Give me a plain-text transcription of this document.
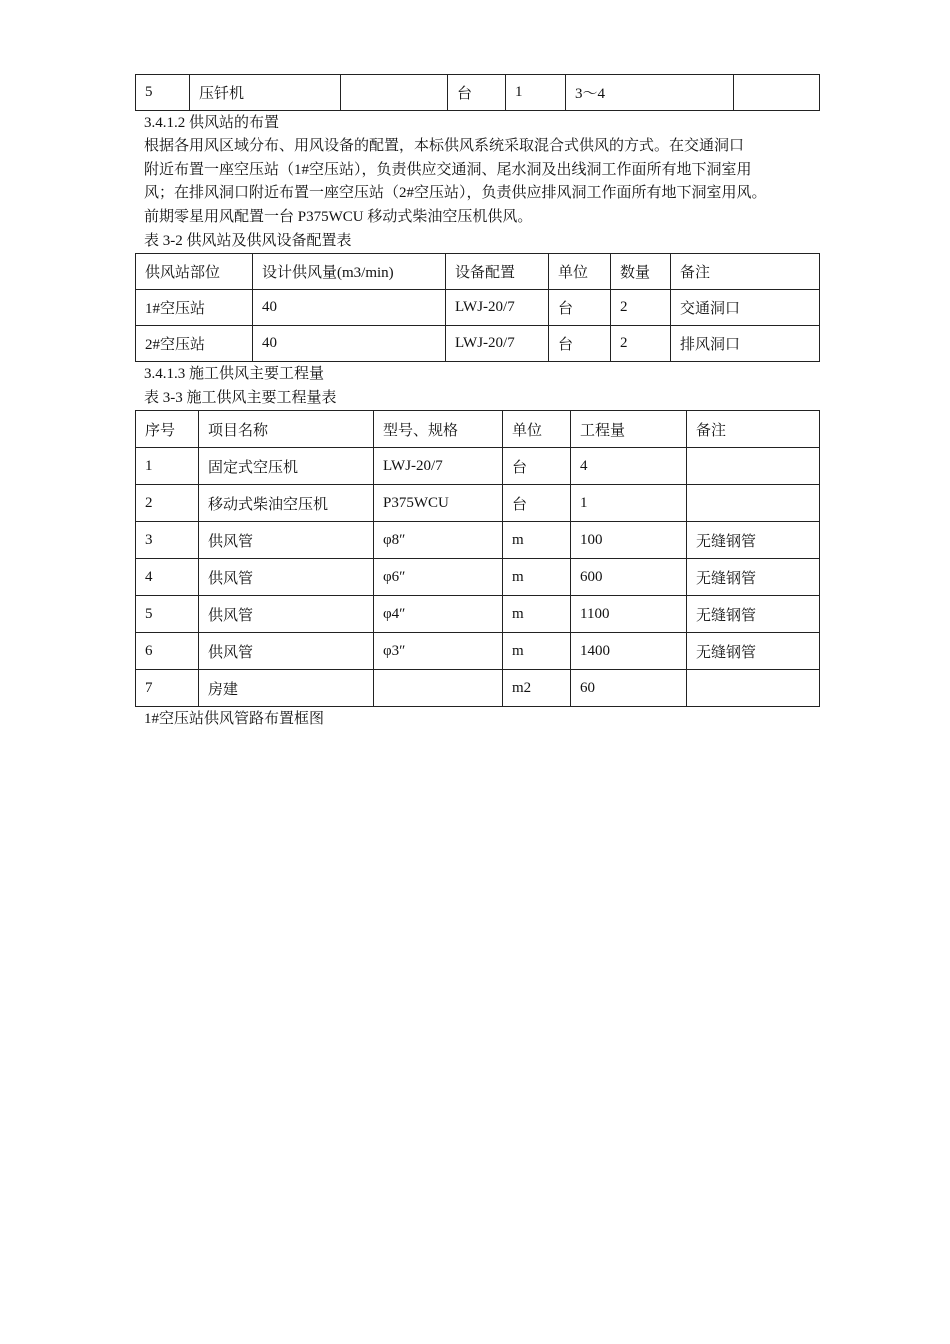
5	压钎机		台	1	3～4	
3.4.1.2 供风站的布置

根据各用风区域分布、用风设备的配置，本标供风系统采取混合式供风的方式。在交通洞口

附近布置一座空压站（1#空压站），负责供应交通洞、尾水洞及出线洞工作面所有地下洞室用

风；在排风洞口附近布置一座空压站（2#空压站），负责供应排风洞工作面所有地下洞室用风。

前期零星用风配置一台 P375WCU 移动式柴油空压机供风。

表 3-2 供风站及供风设备配置表
供风站部位	设计供风量(m3/min)	设备配置	单位	数量	备注
1#空压站	40	LWJ-20/7	台	2	交通洞口
2#空压站	40	LWJ-20/7	台	2	排风洞口
3.4.1.3 施工供风主要工程量
表 3-3 施工供风主要工程量表
序号	项目名称	型号、规格	单位	工程量	备注
1	固定式空压机	LWJ-20/7	台	4	
2	移动式柴油空压机	P375WCU	台	1	
3	供风管	φ8″	m	100	无缝钢管
4	供风管	φ6″	m	600	无缝钢管
5	供风管	φ4″	m	1100	无缝钢管
6	供风管	φ3″	m	1400	无缝钢管
7	房建		m2	60	
1#空压站供风管路布置框图
